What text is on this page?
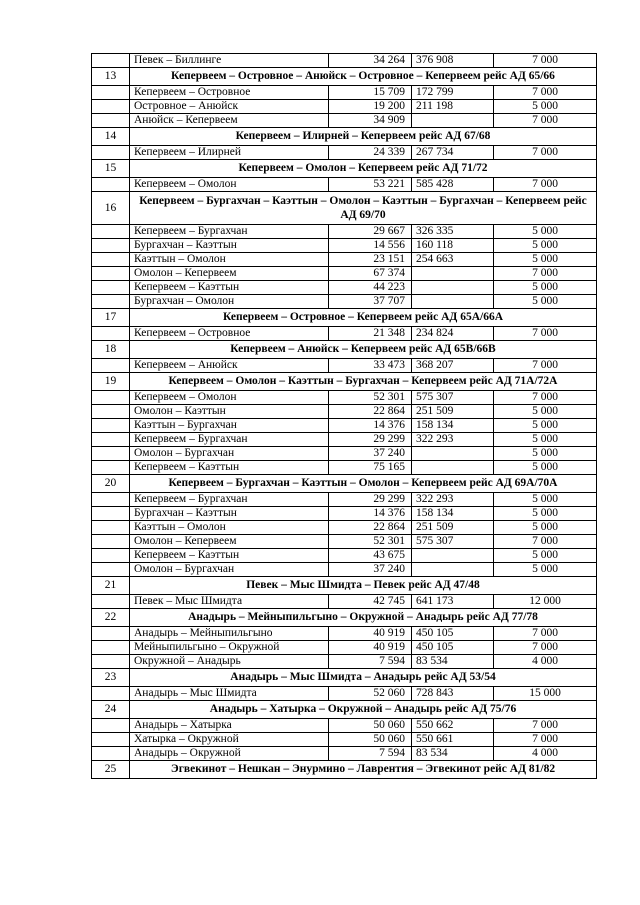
	Певек – Биллинге	34 264	376 908	7 000
13	Кепервеем – Островное – Анюйск – Островное – Кепервеем рейс АД 65/66			
	Кепервеем – Островное	15 709	172 799	7 000
	Островное – Анюйск	19 200	211 198	5 000
	Анюйск – Кепервеем	34 909		7 000
14	Кепервеем – Илирней – Кепервеем рейс АД 67/68			
	Кепервеем – Илирней	24 339	267 734	7 000
15	Кепервеем – Омолон – Кепервеем рейс АД 71/72			
	Кепервеем – Омолон	53 221	585 428	7 000
16	Кепервеем – Бургахчан – Каэттын – Омолон – Каэттын – Бургахчан – Кепервеем рейс АД 69/70			
	Кепервеем – Бургахчан	29 667	326 335	5 000
	Бургахчан – Каэттын	14 556	160 118	5 000
	Каэттын – Омолон	23 151	254 663	5 000
	Омолон – Кепервеем	67 374		7 000
	Кепервеем – Каэттын	44 223		5 000
	Бургахчан – Омолон	37 707		5 000
17	Кепервеем – Островное – Кепервеем рейс АД 65А/66А			
	Кепервеем – Островное	21 348	234 824	7 000
18	Кепервеем – Анюйск – Кепервеем рейс АД 65В/66В			
	Кепервеем – Анюйск	33 473	368 207	7 000
19	Кепервеем – Омолон – Каэттын – Бургахчан – Кепервеем рейс АД 71А/72А			
	Кепервеем – Омолон	52 301	575 307	7 000
	Омолон – Каэттын	22 864	251 509	5 000
	Каэттын – Бургахчан	14 376	158 134	5 000
	Кепервеем – Бургахчан	29 299	322 293	5 000
	Омолон – Бургахчан	37 240		5 000
	Кепервеем – Каэттын	75 165		5 000
20	Кепервеем – Бургахчан – Каэттын – Омолон – Кепервеем рейс АД 69А/70А			
	Кепервеем – Бургахчан	29 299	322 293	5 000
	Бургахчан – Каэттын	14 376	158 134	5 000
	Каэттын – Омолон	22 864	251 509	5 000
	Омолон – Кепервеем	52 301	575 307	7 000
	Кепервеем – Каэттын	43 675		5 000
	Омолон – Бургахчан	37 240		5 000
21	Певек – Мыс Шмидта – Певек рейс АД 47/48			
	Певек – Мыс Шмидта	42 745	641 173	12 000
22	Анадырь – Мейныпильгыно – Окружной – Анадырь рейс АД 77/78			
	Анадырь – Мейныпильгыно	40 919	450 105	7 000
	Мейныпильгыно – Окружной	40 919	450 105	7 000
	Окружной – Анадырь	7 594	83 534	4 000
23	Анадырь – Мыс Шмидта – Анадырь рейс АД 53/54			
	Анадырь – Мыс Шмидта	52 060	728 843	15 000
24	Анадырь – Хатырка – Окружной – Анадырь рейс АД 75/76			
	Анадырь – Хатырка	50 060	550 662	7 000
	Хатырка – Окружной	50 060	550 661	7 000
	Анадырь – Окружной	7 594	83 534	4 000
25	Эгвекинот – Нешкан – Энурмино – Лаврентия – Эгвекинот рейс АД 81/82			
